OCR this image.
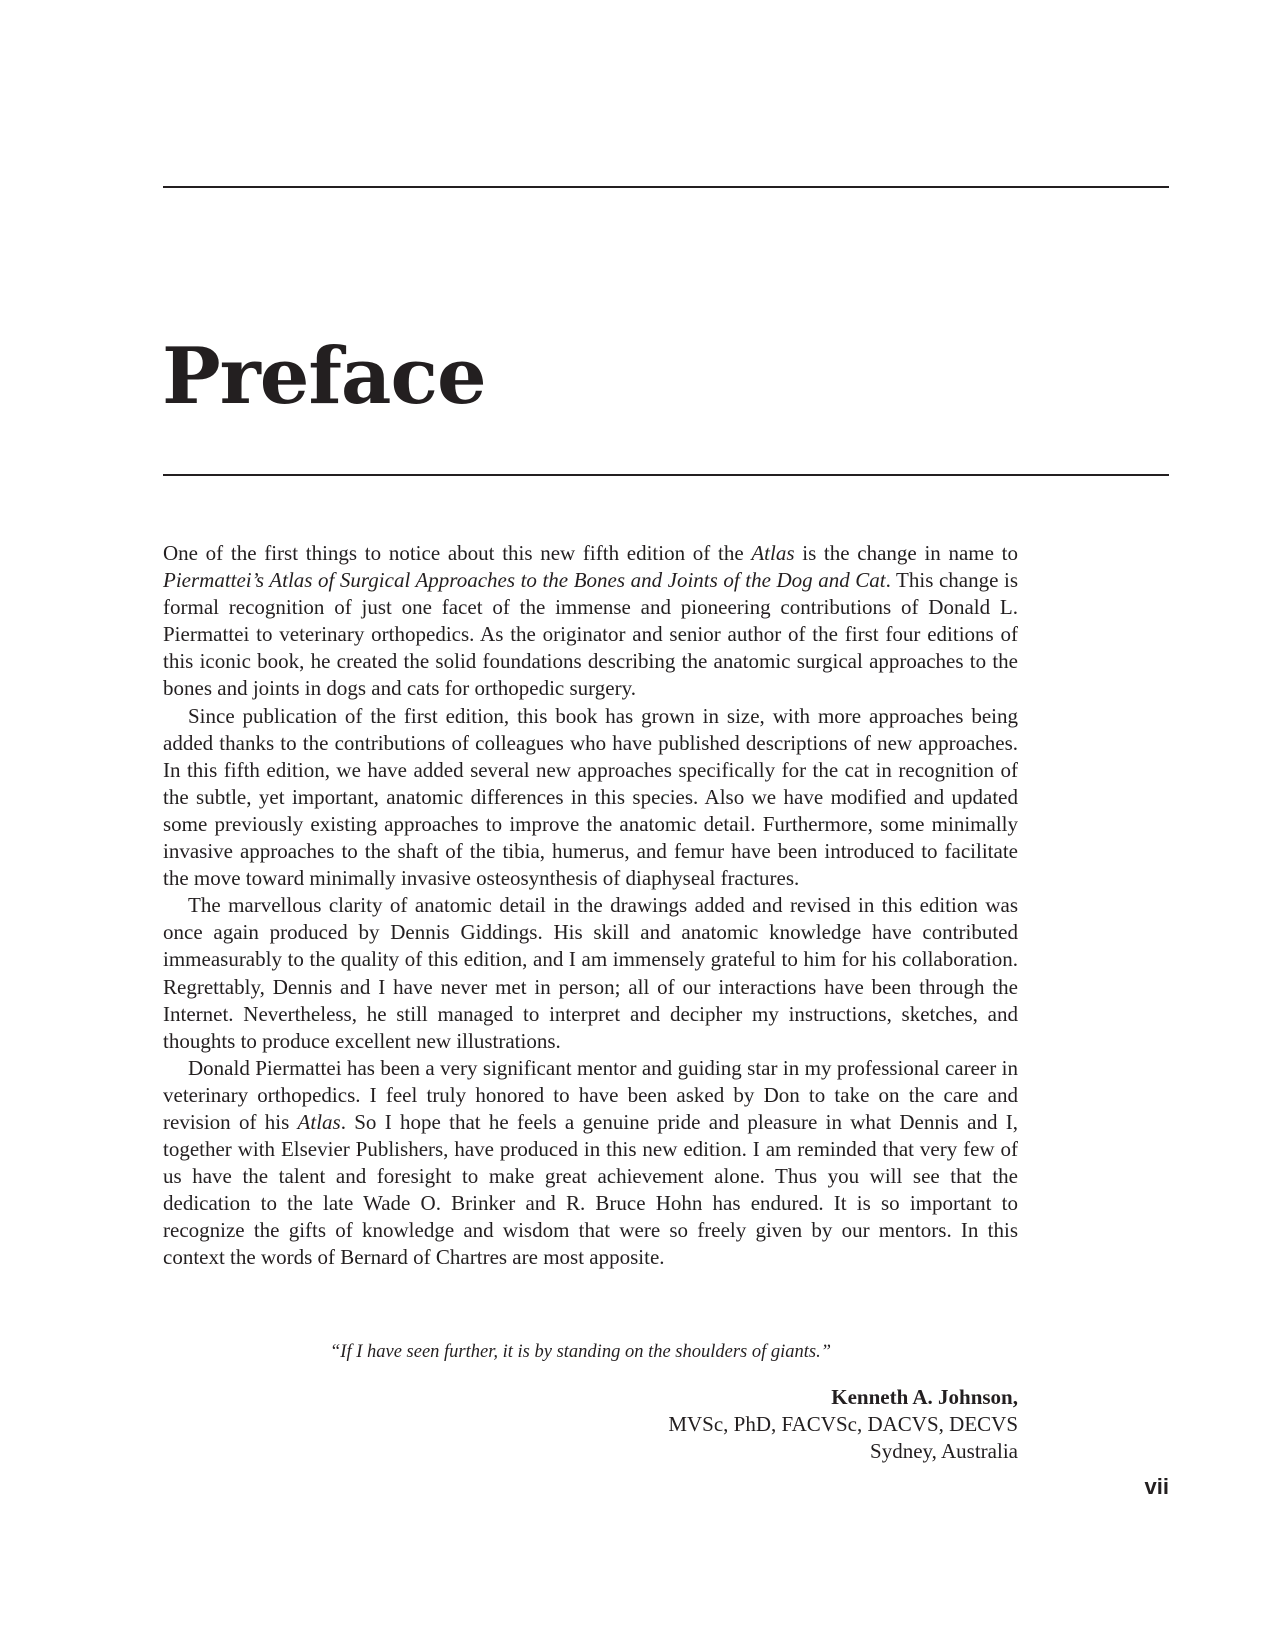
Preface

One of the first things to notice about this new fifth edition of the Atlas is the change in name to Piermattei’s Atlas of Surgical Approaches to the Bones and Joints of the Dog and Cat. This change is formal recognition of just one facet of the immense and pioneering contributions of Donald L. Piermattei to veterinary orthopedics. As the originator and senior author of the first four editions of this iconic book, he created the solid foundations describing the anatomic surgical approaches to the bones and joints in dogs and cats for orthopedic surgery.

Since publication of the first edition, this book has grown in size, with more approaches being added thanks to the contributions of colleagues who have published descriptions of new approaches. In this fifth edition, we have added several new approaches specifically for the cat in recognition of the subtle, yet important, anatomic differences in this species. Also we have modified and updated some previously existing approaches to improve the anatomic detail. Furthermore, some minimally invasive approaches to the shaft of the tibia, humerus, and femur have been introduced to facilitate the move toward minimally invasive osteosynthesis of diaphyseal fractures.

The marvellous clarity of anatomic detail in the drawings added and revised in this edition was once again produced by Dennis Giddings. His skill and anatomic knowledge have contributed immeasurably to the quality of this edition, and I am immensely grateful to him for his collaboration. Regrettably, Dennis and I have never met in person; all of our interactions have been through the Internet. Nevertheless, he still managed to interpret and decipher my instructions, sketches, and thoughts to produce excellent new illustrations.

Donald Piermattei has been a very significant mentor and guiding star in my professional career in veterinary orthopedics. I feel truly honored to have been asked by Don to take on the care and revision of his Atlas. So I hope that he feels a genuine pride and pleasure in what Dennis and I, together with Elsevier Publishers, have produced in this new edition. I am reminded that very few of us have the talent and foresight to make great achievement alone. Thus you will see that the dedication to the late Wade O. Brinker and R. Bruce Hohn has endured. It is so important to recognize the gifts of knowledge and wisdom that were so freely given by our mentors. In this context the words of Bernard of Chartres are most apposite.

“If I have seen further, it is by standing on the shoulders of giants.”

Kenneth A. Johnson,
MVSc, PhD, FACVSc, DACVS, DECVS
Sydney, Australia
vii
